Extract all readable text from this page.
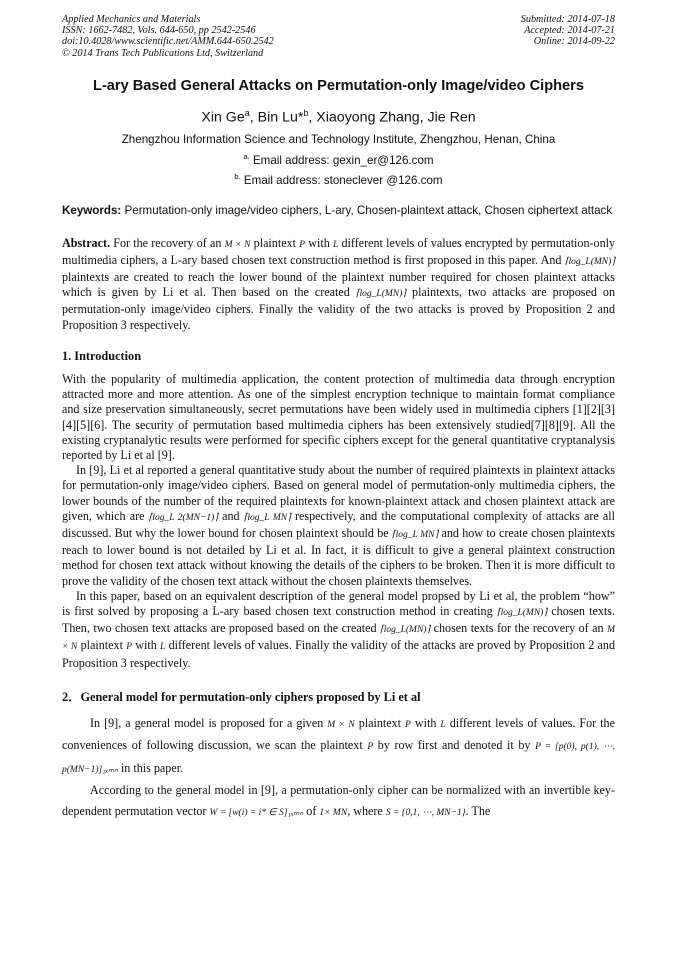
Applied Mechanics and Materials
ISSN: 1662-7482, Vols. 644-650, pp 2542-2546
doi:10.4028/www.scientific.net/AMM.644-650.2542
© 2014 Trans Tech Publications Ltd, Switzerland
Submitted: 2014-07-18
Accepted: 2014-07-21
Online: 2014-09-22
L-ary Based General Attacks on Permutation-only Image/video Ciphers
Xin Ge$^a$, Bin Lu*$^b$, Xiaoyong Zhang, Jie Ren
Zhengzhou Information Science and Technology Institute, Zhengzhou, Henan, China
$^{a.}$ Email address: gexin_er@126.com
$^{b.}$ Email address: stoneclever @126.com
Keywords: Permutation-only image/video ciphers, L-ary, Chosen-plaintext attack, Chosen ciphertext attack

Abstract. For the recovery of an M × N plaintext P with L different levels of values encrypted by permutation-only multimedia ciphers, a L-ary based chosen text construction method is first proposed in this paper. And ⌈log_L(MN)⌉ plaintexts are created to reach the lower bound of the plaintext number required for chosen plaintext attacks which is given by Li et al. Then based on the created ⌈log_L(MN)⌉ plaintexts, two attacks are proposed on permutation-only image/video ciphers. Finally the validity of the two attacks is proved by Proposition 2 and Proposition 3 respectively.

1. Introduction

With the popularity of multimedia application, the content protection of multimedia data through encryption attracted more and more attention. As one of the simplest encryption technique to maintain format compliance and size preservation simultaneously, secret permutations have been widely used in multimedia ciphers [1][2][3][4][5][6]. The security of permutation based multimedia ciphers has been extensively studied[7][8][9]. All the existing cryptanalytic results were performed for specific ciphers except for the general quantitative cryptanalysis reported by Li et al [9].

In [9], Li et al reported a general quantitative study about the number of required plaintexts in plaintext attacks for permutation-only image/video ciphers. Based on general model of permutation-only multimedia ciphers, the lower bounds of the number of the required plaintexts for known-plaintext attack and chosen plaintext attack are given, which are ⌈log_L 2(MN−1)⌉ and ⌈log_L MN⌉ respectively, and the computational complexity of attacks are all discussed. But why the lower bound for chosen plaintext should be ⌈log_L MN⌉ and how to create chosen plaintexts reach to lower bound is not detailed by Li et al. In fact, it is difficult to give a general plaintext construction method for chosen text attack without knowing the details of the ciphers to be broken. Then it is more difficult to prove the validity of the chosen text attack without the chosen plaintexts themselves.

In this paper, based on an equivalent description of the general model propsed by Li et al, the problem “how” is first solved by proposing a L-ary based chosen text construction method in creating ⌈log_L(MN)⌉ chosen texts. Then, two chosen text attacks are proposed based on the created ⌈log_L(MN)⌉ chosen texts for the recovery of an M × N plaintext P with L different levels of values. Finally the validity of the attacks are proved by Proposition 2 and Proposition 3 respectively.

2．General model for permutation-only ciphers proposed by Li et al

In [9], a general model is proposed for a given M × N plaintext P with L different levels of values. For the conveniences of following discussion, we scan the plaintext P by row first and denoted it by P = [p(0), p(1), ⋯, p(MN−1)]₁ₓₘₙ in this paper.

According to the general model in [9], a permutation-only cipher can be normalized with an invertible key-dependent permutation vector W = [w(i) = i* ∈ S]₁ₓₘₙ of 1× MN, where S = {0,1, ⋯, MN−1}. The
